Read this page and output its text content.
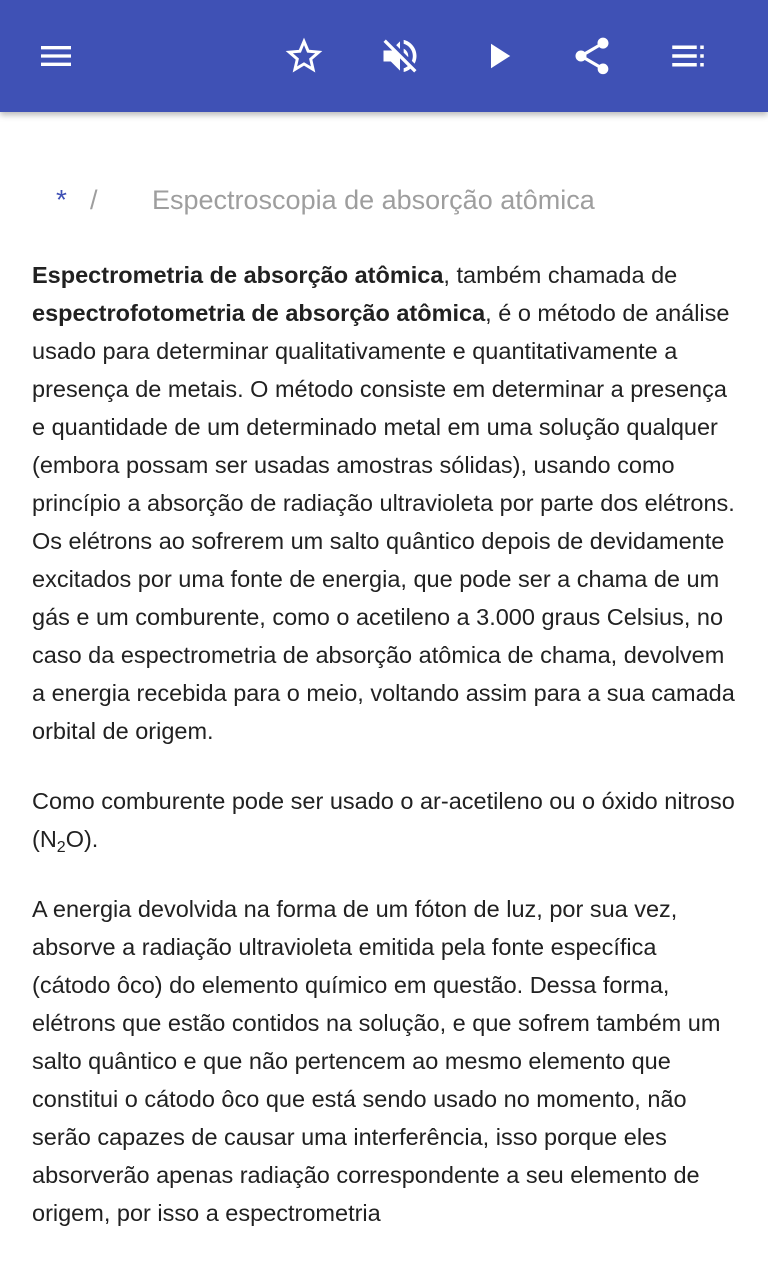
* /	Espectroscopia de absorção atômica

Espectrometria de absorção atômica, também chamada de espectrofotometria de absorção atômica, é o método de análise usado para determinar qualitativamente e quantitativamente a presença de metais. O método consiste em determinar a presença e quantidade de um determinado metal em uma solução qualquer (embora possam ser usadas amostras sólidas), usando como princípio a absorção de radiação ultravioleta por parte dos elétrons. Os elétrons ao sofrerem um salto quântico depois de devidamente excitados por uma fonte de energia, que pode ser a chama de um gás e um comburente, como o acetileno a 3.000 graus Celsius, no caso da espectrometria de absorção atômica de chama, devolvem a energia recebida para o meio, voltando assim para a sua camada orbital de origem.

Como comburente pode ser usado o ar-acetileno ou o óxido nitroso $(N_2O)$.

A energia devolvida na forma de um fóton de luz, por sua vez, absorve a radiação ultravioleta emitida pela fonte específica (cátodo ôco) do elemento químico em questão. Dessa forma, elétrons que estão contidos na solução, e que sofrem também um salto quântico e que não pertencem ao mesmo elemento que constitui o cátodo ôco que está sendo usado no momento, não serão capazes de causar uma interferência, isso porque eles absorverão apenas radiação correspondente a seu elemento de origem, por isso a espectrometria
